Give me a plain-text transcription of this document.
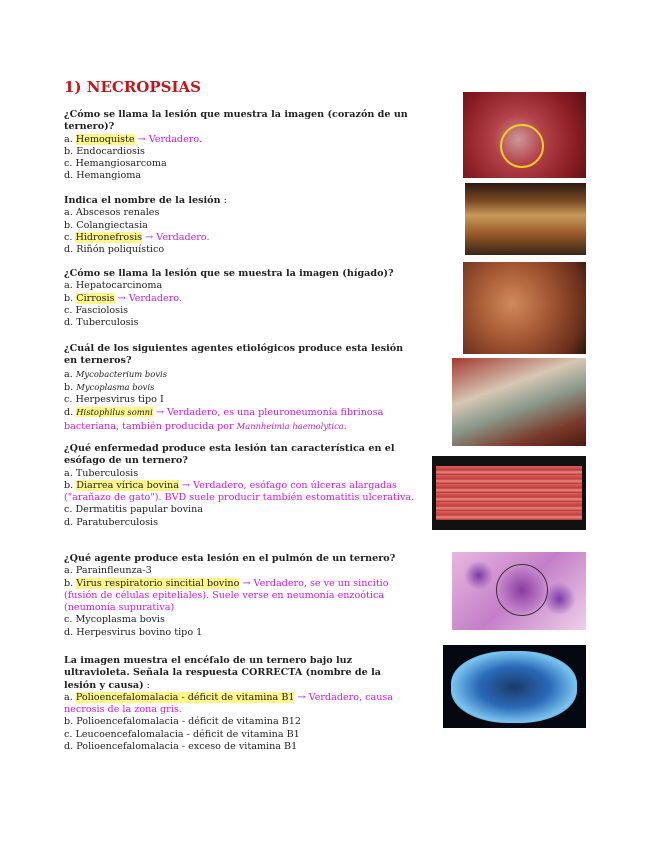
1) NECROPSIAS
¿Cómo se llama la lesión que muestra la imagen (corazón de un ternero)?
a. Hemoquiste → Verdadero.
b. Endocardiosis
c. Hemangiosarcoma
d. Hemangioma
Indica el nombre de la lesión :
a. Abscesos renales
b. Colangiectasia
c. Hidronefrosis → Verdadero.
d. Riñón poliquístico
¿Cómo se llama la lesión que se muestra la imagen (hígado)?
a. Hepatocarcinoma
b. Cirrosis → Verdadero.
c. Fasciolosis
d. Tuberculosis
¿Cuál de los siguientes agentes etiológicos produce esta lesión en terneros?
a. Mycobacterium bovis
b. Mycoplasma bovis
c. Herpesvirus tipo I
d. Histophilus somni → Verdadero, es una pleuroneumonía fibrinosa bacteriana, también producida por Mannheimia haemolytica.
¿Qué enfermedad produce esta lesión tan característica en el esófago de un ternero?
a. Tuberculosis
b. Diarrea vírica bovina → Verdadero, esófago con úlceras alargadas ("arañazo de gato"). BVD suele producir también estomatitis ulcerativa.
c. Dermatitis papular bovina
d. Paratuberculosis
¿Qué agente produce esta lesión en el pulmón de un ternero?
a. Parainfleunza-3
b. Virus respiratorio sincitial bovino → Verdadero, se ve un sincitio (fusión de células epiteliales). Suele verse en neumonía enzoótica (neumonía supurativa)
c. Mycoplasma bovis
d. Herpesvirus bovino tipo 1
La imagen muestra el encéfalo de un ternero bajo luz ultravioleta. Señala la respuesta CORRECTA (nombre de la lesión y causa) :
a. Polioencefalomalacia - déficit de vitamina B1 → Verdadero, causa necrosis de la zona gris.
b. Polioencefalomalacia - déficit de vitamina B12
c. Leucoencefalomalacia - déficit de vitamina B1
d. Polioencefalomalacia - exceso de vitamina B1
